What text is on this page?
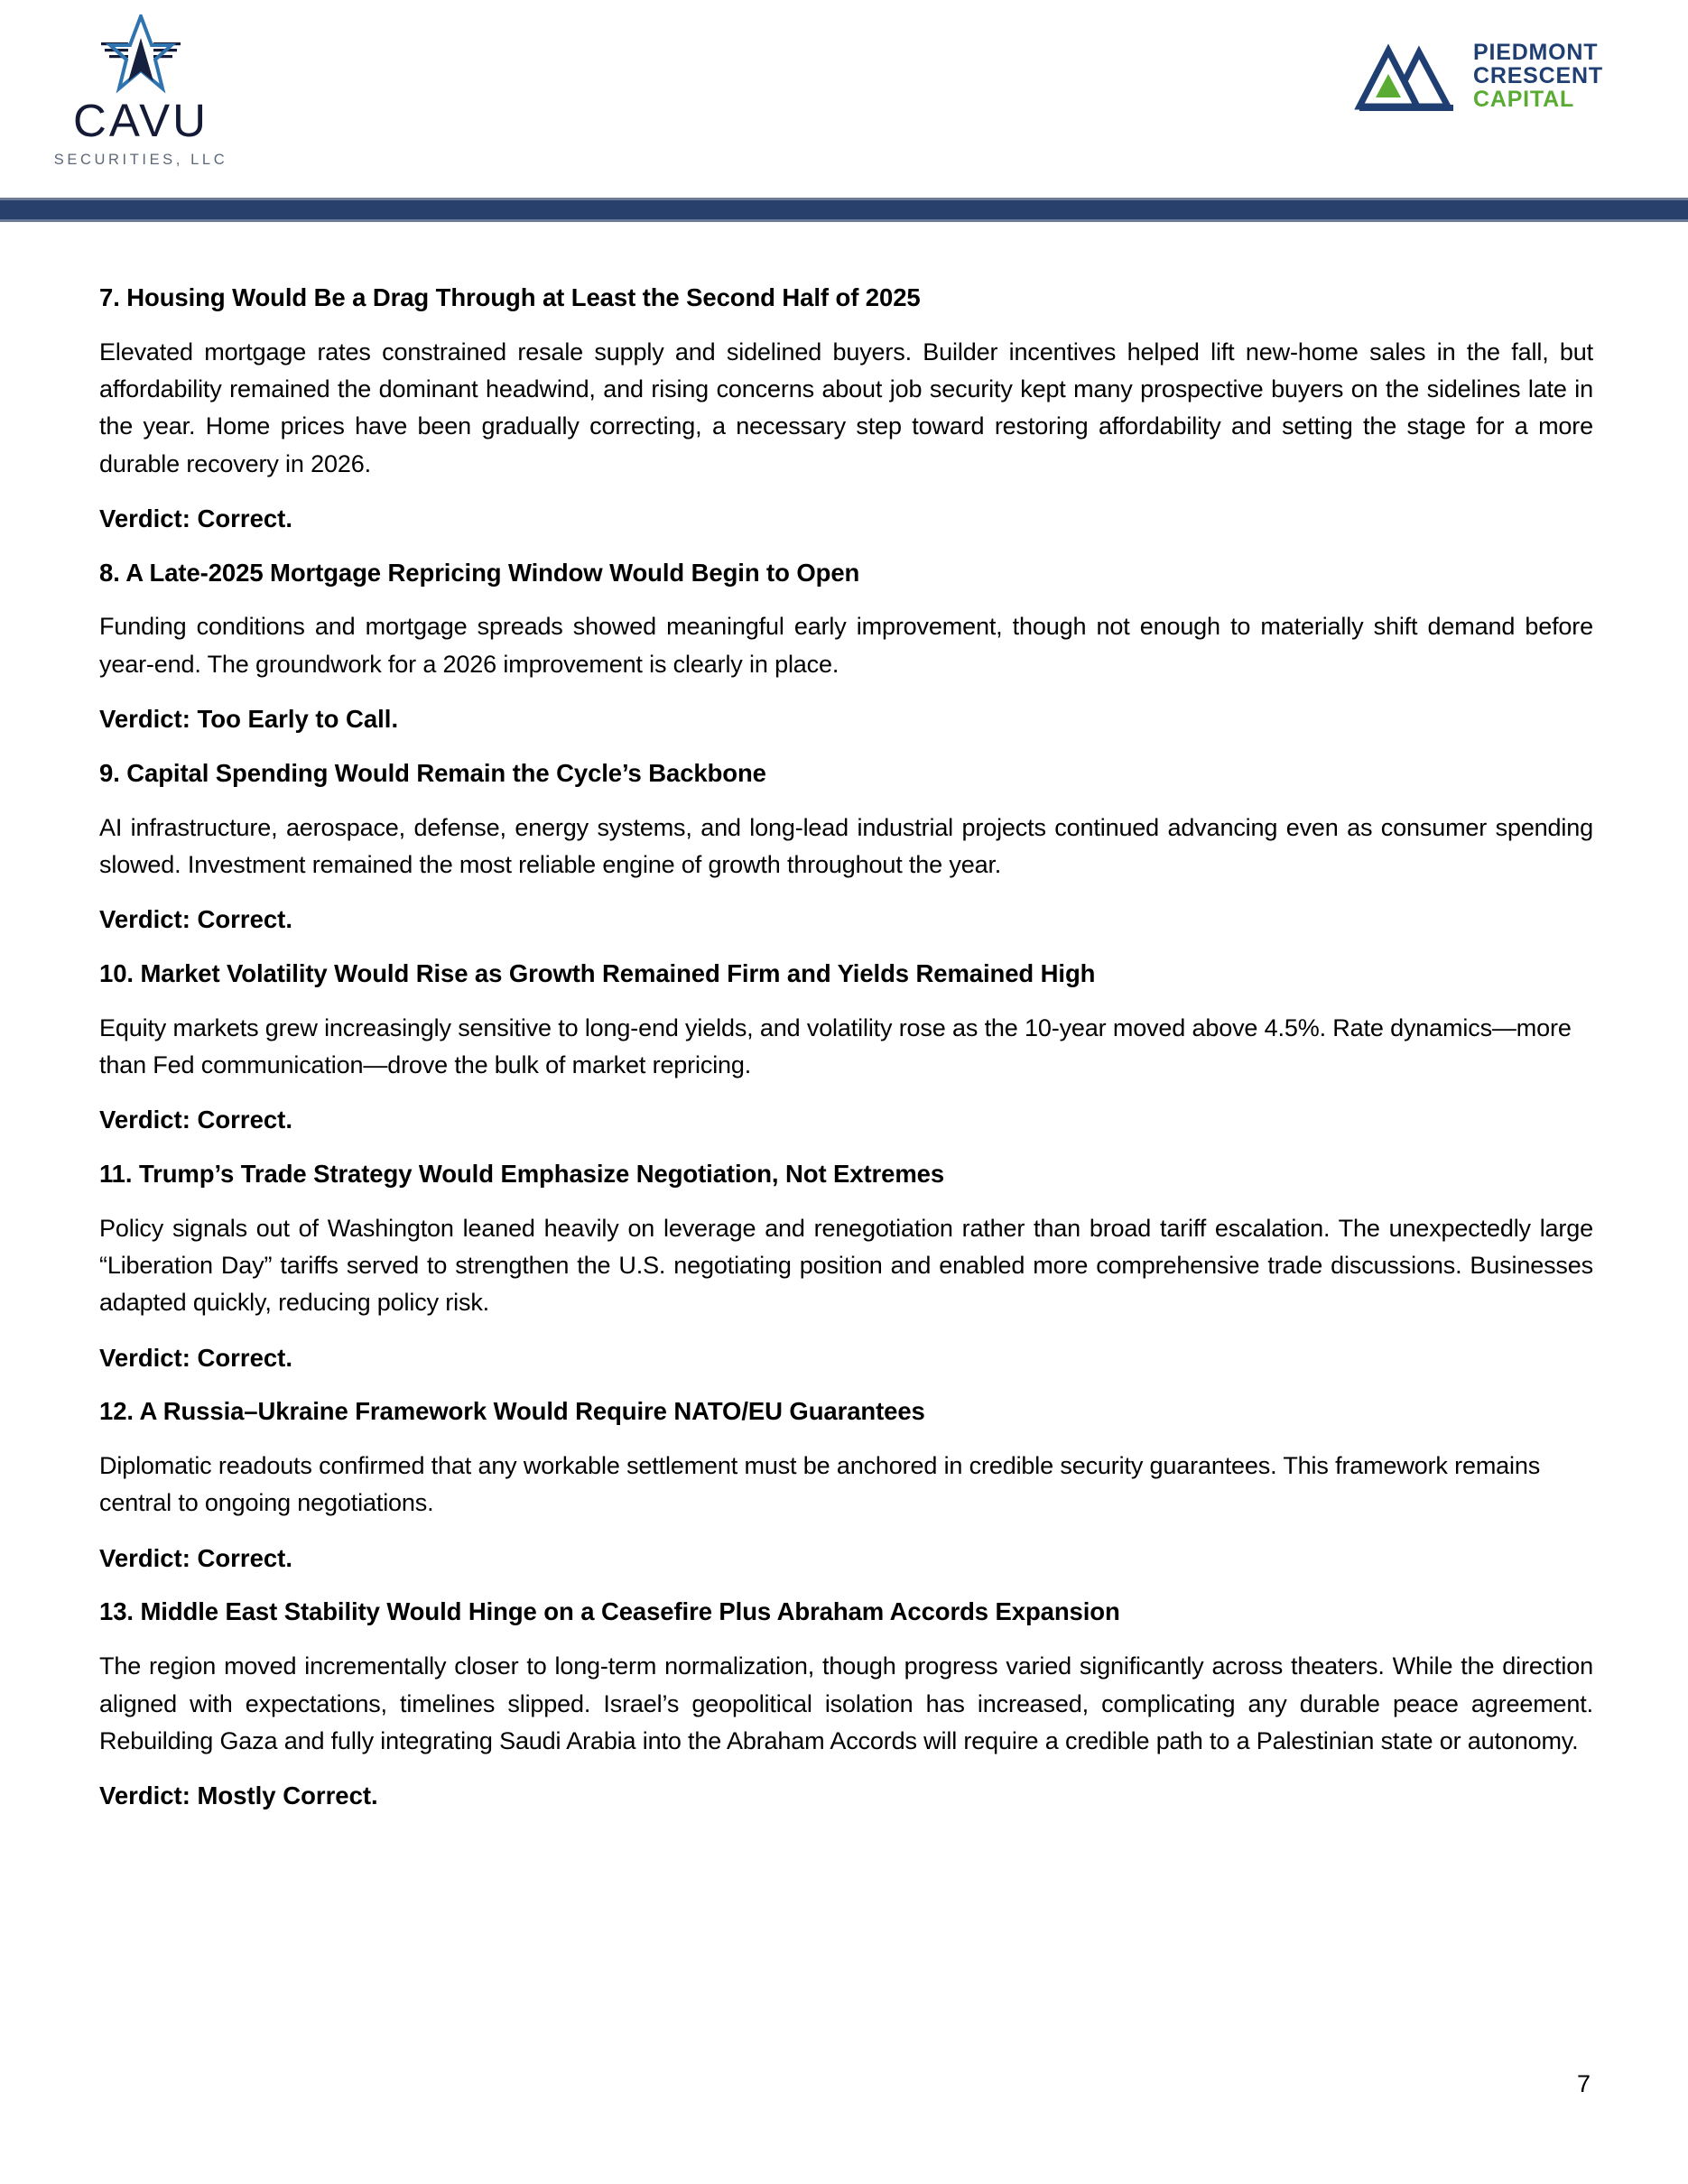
CAVU
SECURITIES, LLC
PIEDMONT
CRESCENT
CAPITAL
7. Housing Would Be a Drag Through at Least the Second Half of 2025

Elevated mortgage rates constrained resale supply and sidelined buyers. Builder incentives helped lift new-home sales in the fall, but affordability remained the dominant headwind, and rising concerns about job security kept many prospective buyers on the sidelines late in the year. Home prices have been gradually correcting, a necessary step toward restoring affordability and setting the stage for a more durable recovery in 2026.

Verdict: Correct.

8. A Late-2025 Mortgage Repricing Window Would Begin to Open

Funding conditions and mortgage spreads showed meaningful early improvement, though not enough to materially shift demand before year-end. The groundwork for a 2026 improvement is clearly in place.

Verdict: Too Early to Call.

9. Capital Spending Would Remain the Cycle’s Backbone

AI infrastructure, aerospace, defense, energy systems, and long-lead industrial projects continued advancing even as consumer spending slowed. Investment remained the most reliable engine of growth throughout the year.

Verdict: Correct.

10. Market Volatility Would Rise as Growth Remained Firm and Yields Remained High

Equity markets grew increasingly sensitive to long-end yields, and volatility rose as the 10-year moved above 4.5%. Rate dynamics—more than Fed communication—drove the bulk of market repricing.

Verdict: Correct.

11. Trump’s Trade Strategy Would Emphasize Negotiation, Not Extremes

Policy signals out of Washington leaned heavily on leverage and renegotiation rather than broad tariff escalation. The unexpectedly large “Liberation Day” tariffs served to strengthen the U.S. negotiating position and enabled more comprehensive trade discussions. Businesses adapted quickly, reducing policy risk.

Verdict: Correct.

12. A Russia–Ukraine Framework Would Require NATO/EU Guarantees

Diplomatic readouts confirmed that any workable settlement must be anchored in credible security guarantees. This framework remains central to ongoing negotiations.

Verdict: Correct.

13. Middle East Stability Would Hinge on a Ceasefire Plus Abraham Accords Expansion

The region moved incrementally closer to long-term normalization, though progress varied significantly across theaters. While the direction aligned with expectations, timelines slipped. Israel’s geopolitical isolation has increased, complicating any durable peace agreement. Rebuilding Gaza and fully integrating Saudi Arabia into the Abraham Accords will require a credible path to a Palestinian state or autonomy.

Verdict: Mostly Correct.

7
